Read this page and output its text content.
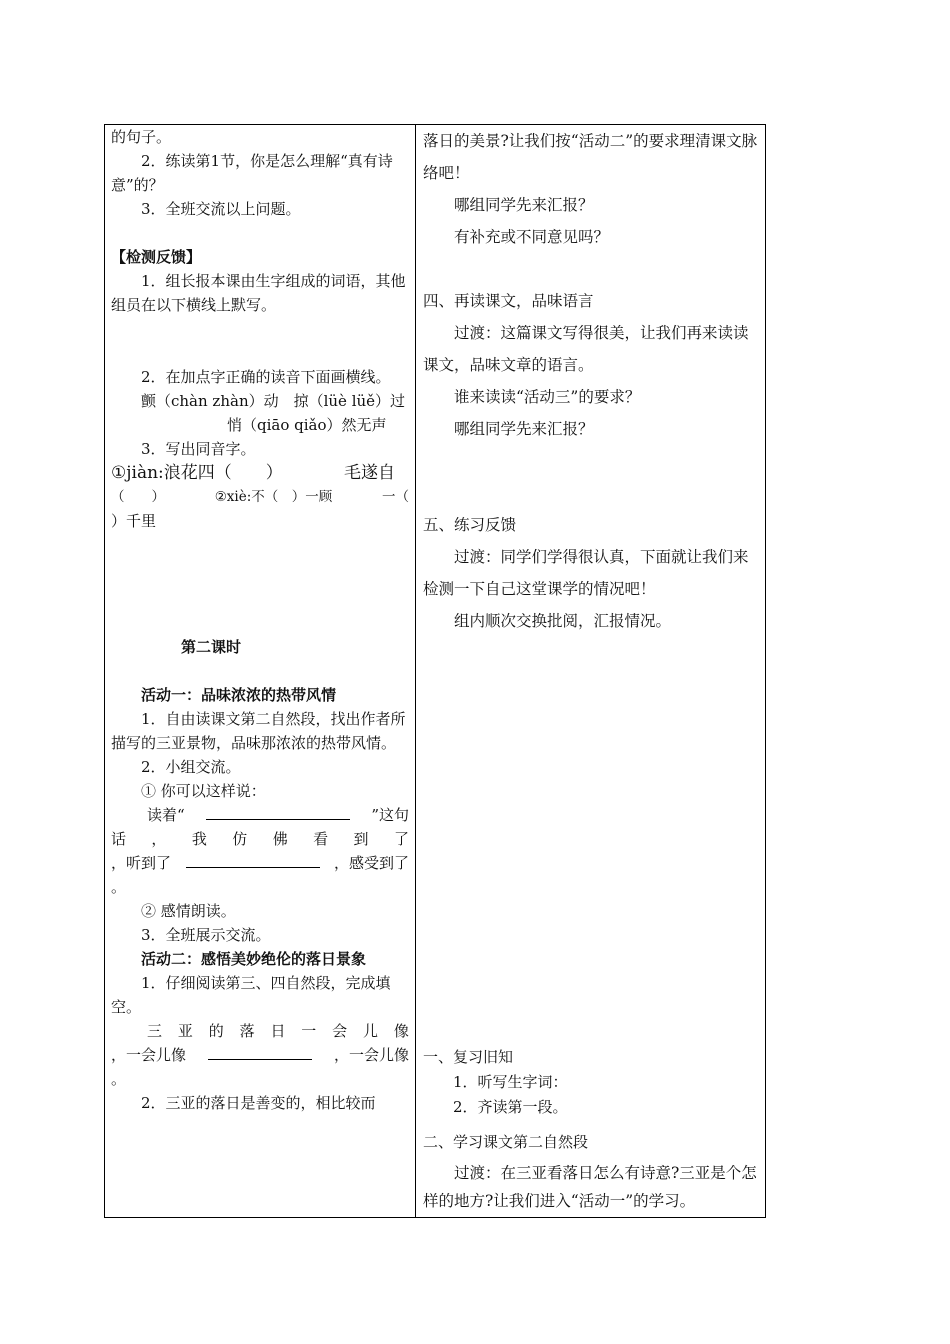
的句子。

2．练读第1节，你是怎么理解“真有诗意”的？

3．全班交流以上问题。

【检测反馈】

1．组长报本课由生字组成的词语，其他组员在以下横线上默写。

2．在加点字正确的读音下面画横线。

颤（chàn zhàn）动　掠（lüè lüě）过

悄（qiāo qiǎo）然无声

3．写出同音字。

①jiàn:浪花四（　　）	毛遂自
（　　）	②xiè:不（　）一顾	一（

）千里

第二课时

活动一：品味浓浓的热带风情

1．自由读课文第二自然段，找出作者所描写的三亚景物，品味那浓浓的热带风情。

2．小组交流。

① 你可以这样说：

读着“	”这句
话 ， 我 仿 佛 看 到 了
，听到了	，感受到了

。

② 感情朗读。

3．全班展示交流。

活动二：感悟美妙绝伦的落日景象

1．仔细阅读第三、四自然段，完成填空。

三 亚 的 落 日 一 会 儿 像
，一会儿像	，一会儿像

。

2．三亚的落日是善变的，相比较而

落日的美景?让我们按“活动二”的要求理清课文脉络吧！

哪组同学先来汇报？

有补充或不同意见吗？

四、再读课文，品味语言

过渡：这篇课文写得很美，让我们再来读读课文，品味文章的语言。

谁来读读“活动三”的要求？

哪组同学先来汇报？

五、练习反馈

过渡：同学们学得很认真，下面就让我们来检测一下自己这堂课学的情况吧！

组内顺次交换批阅，汇报情况。

一、复习旧知

1．听写生字词：

2．齐读第一段。

二、学习课文第二自然段

过渡：在三亚看落日怎么有诗意?三亚是个怎样的地方?让我们进入“活动一”的学习。
